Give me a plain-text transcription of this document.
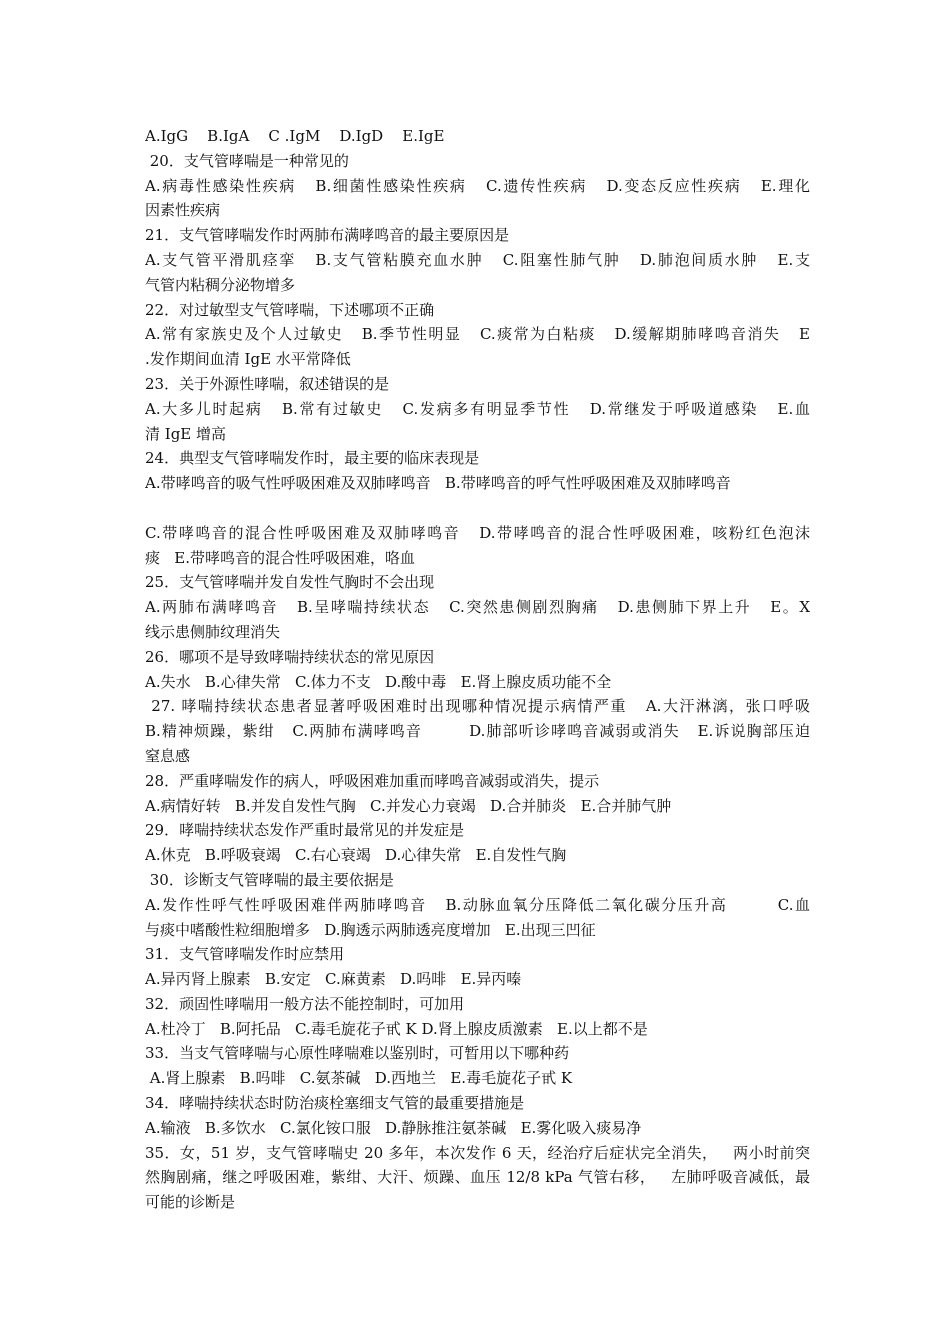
A.IgG    B.IgA    C .IgM    D.IgD    E.IgE
20．支气管哮喘是一种常见的
A.病毒性感染性疾病   B.细菌性感染性疾病   C.遗传性疾病   D.变态反应性疾病   E.理化
因素性疾病
21．支气管哮喘发作时两肺布满哮鸣音的最主要原因是
A.支气管平滑肌痉挛   B.支气管粘膜充血水肿   C.阻塞性肺气肿   D.肺泡间质水肿   E.支
气管内粘稠分泌物增多
22．对过敏型支气管哮喘，下述哪项不正确
A.常有家族史及个人过敏史   B.季节性明显   C.痰常为白粘痰   D.缓解期肺哮鸣音消失   E
.发作期间血清 IgE 水平常降低
23．关于外源性哮喘，叙述错误的是
A.大多儿时起病   B.常有过敏史   C.发病多有明显季节性   D.常继发于呼吸道感染   E.血
清 IgE 增高
24．典型支气管哮喘发作时，最主要的临床表现是
A.带哮鸣音的吸气性呼吸困难及双肺哮鸣音   B.带哮鸣音的呼气性呼吸困难及双肺哮鸣音
C.带哮鸣音的混合性呼吸困难及双肺哮鸣音   D.带哮鸣音的混合性呼吸困难，咳粉红色泡沫
痰   E.带哮鸣音的混合性呼吸困难，咯血
25．支气管哮喘并发自发性气胸时不会出现
A.两肺布满哮鸣音   B.呈哮喘持续状态   C.突然患侧剧烈胸痛   D.患侧肺下界上升   E。X
线示患侧肺纹理消失
26．哪项不是导致哮喘持续状态的常见原因
A.失水   B.心律失常   C.体力不支   D.酸中毒   E.肾上腺皮质功能不全
27. 哮喘持续状态患者显著呼吸困难时出现哪种情况提示病情严重   A.大汗淋漓，张口呼吸
B.精神烦躁，紫绀   C.两肺布满哮鸣音        D.肺部听诊哮鸣音减弱或消失   E.诉说胸部压迫
窒息感
28．严重哮喘发作的病人，呼吸困难加重而哮鸣音减弱或消失，提示
A.病情好转   B.并发自发性气胸   C.并发心力衰竭   D.合并肺炎   E.合并肺气肿
29．哮喘持续状态发作严重时最常见的并发症是
A.休克   B.呼吸衰竭   C.右心衰竭   D.心律失常   E.自发性气胸
30．诊断支气管哮喘的最主要依据是
A.发作性呼气性呼吸困难伴两肺哮鸣音   B.动脉血氧分压降低二氧化碳分压升高        C.血
与痰中嗜酸性粒细胞增多   D.胸透示两肺透亮度增加   E.出现三凹征
31．支气管哮喘发作时应禁用
A.异丙肾上腺素   B.安定   C.麻黄素   D.吗啡   E.异丙嗪
32．顽固性哮喘用一般方法不能控制时，可加用
A.杜冷丁   B.阿托品   C.毒毛旋花子甙 K D.肾上腺皮质激素   E.以上都不是
33．当支气管哮喘与心原性哮喘难以鉴别时，可暂用以下哪种药
A.肾上腺素   B.吗啡   C.氨茶碱   D.西地兰   E.毒毛旋花子甙 K
34．哮喘持续状态时防治痰栓塞细支气管的最重要措施是
A.输液   B.多饮水   C.氯化铵口服   D.静脉推注氨茶碱   E.雾化吸入痰易净
35．女，51 岁，支气管哮喘史 20 多年，本次发作 6 天，经治疗后症状完全消失，   两小时前突
然胸剧痛，继之呼吸困难，紫绀、大汗、烦躁、血压 12/8 kPa 气管右移，   左肺呼吸音减低，最
可能的诊断是
